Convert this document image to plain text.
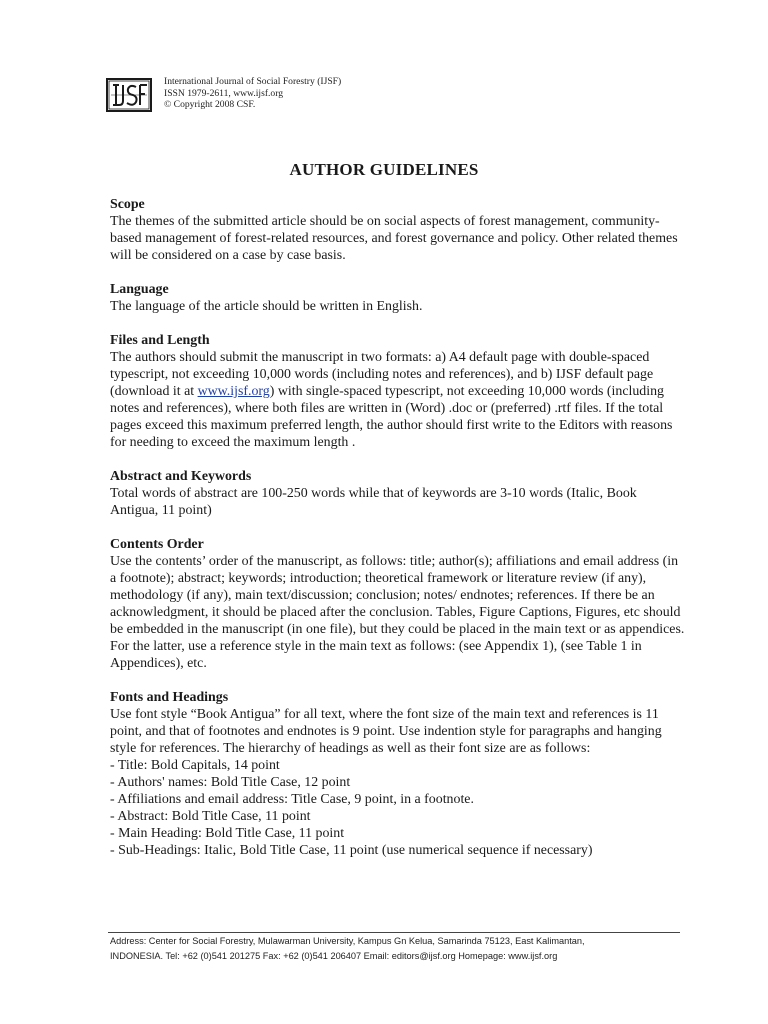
International Journal of Social Forestry (IJSF)
ISSN 1979-2611, www.ijsf.org
© Copyright 2008 CSF.
AUTHOR GUIDELINES
Scope

The themes of the submitted article should be on social aspects of forest management, community-based management of forest-related resources, and forest governance and policy. Other related themes will be considered on a case by case basis.

Language

The language of the article should be written in English.

Files and Length

The authors should submit the manuscript in two formats: a) A4 default page with double-spaced typescript, not exceeding 10,000 words (including notes and references), and b) IJSF default page (download it at www.ijsf.org) with single-spaced typescript, not exceeding 10,000 words (including notes and references), where both files are written in (Word) .doc or (preferred) .rtf files. If the total pages exceed this maximum preferred length, the author should first write to the Editors with reasons for needing to exceed the maximum length .

Abstract and Keywords

Total words of abstract are 100-250 words while that of keywords are 3-10 words (Italic, Book Antigua, 11 point)

Contents Order

Use the contents’ order of the manuscript, as follows: title; author(s); affiliations and email address (in a footnote); abstract; keywords; introduction; theoretical framework or literature review (if any), methodology (if any), main text/discussion; conclusion; notes/ endnotes; references. If there be an acknowledgment, it should be placed after the conclusion. Tables, Figure Captions, Figures, etc should be embedded in the manuscript (in one file), but they could be placed in the main text or as appendices. For the latter, use a reference style in the main text as follows: (see Appendix 1), (see Table 1 in Appendices), etc.

Fonts and Headings

Use font style “Book Antigua” for all text, where the font size of the main text and references is 11 point, and that of footnotes and endnotes is 9 point. Use indention style for paragraphs and hanging style for references. The hierarchy of headings as well as their font size are as follows:

- Title: Bold Capitals, 14 point
- Authors' names: Bold Title Case, 12 point
- Affiliations and email address: Title Case, 9 point, in a footnote.
- Abstract: Bold Title Case, 11 point
- Main Heading: Bold Title Case, 11 point
- Sub-Headings: Italic, Bold Title Case, 11 point (use numerical sequence if necessary)
Address: Center for Social Forestry, Mulawarman University, Kampus Gn Kelua, Samarinda 75123, East Kalimantan,
INDONESIA. Tel: +62 (0)541 201275 Fax: +62 (0)541 206407 Email: editors@ijsf.org Homepage: www.ijsf.org
